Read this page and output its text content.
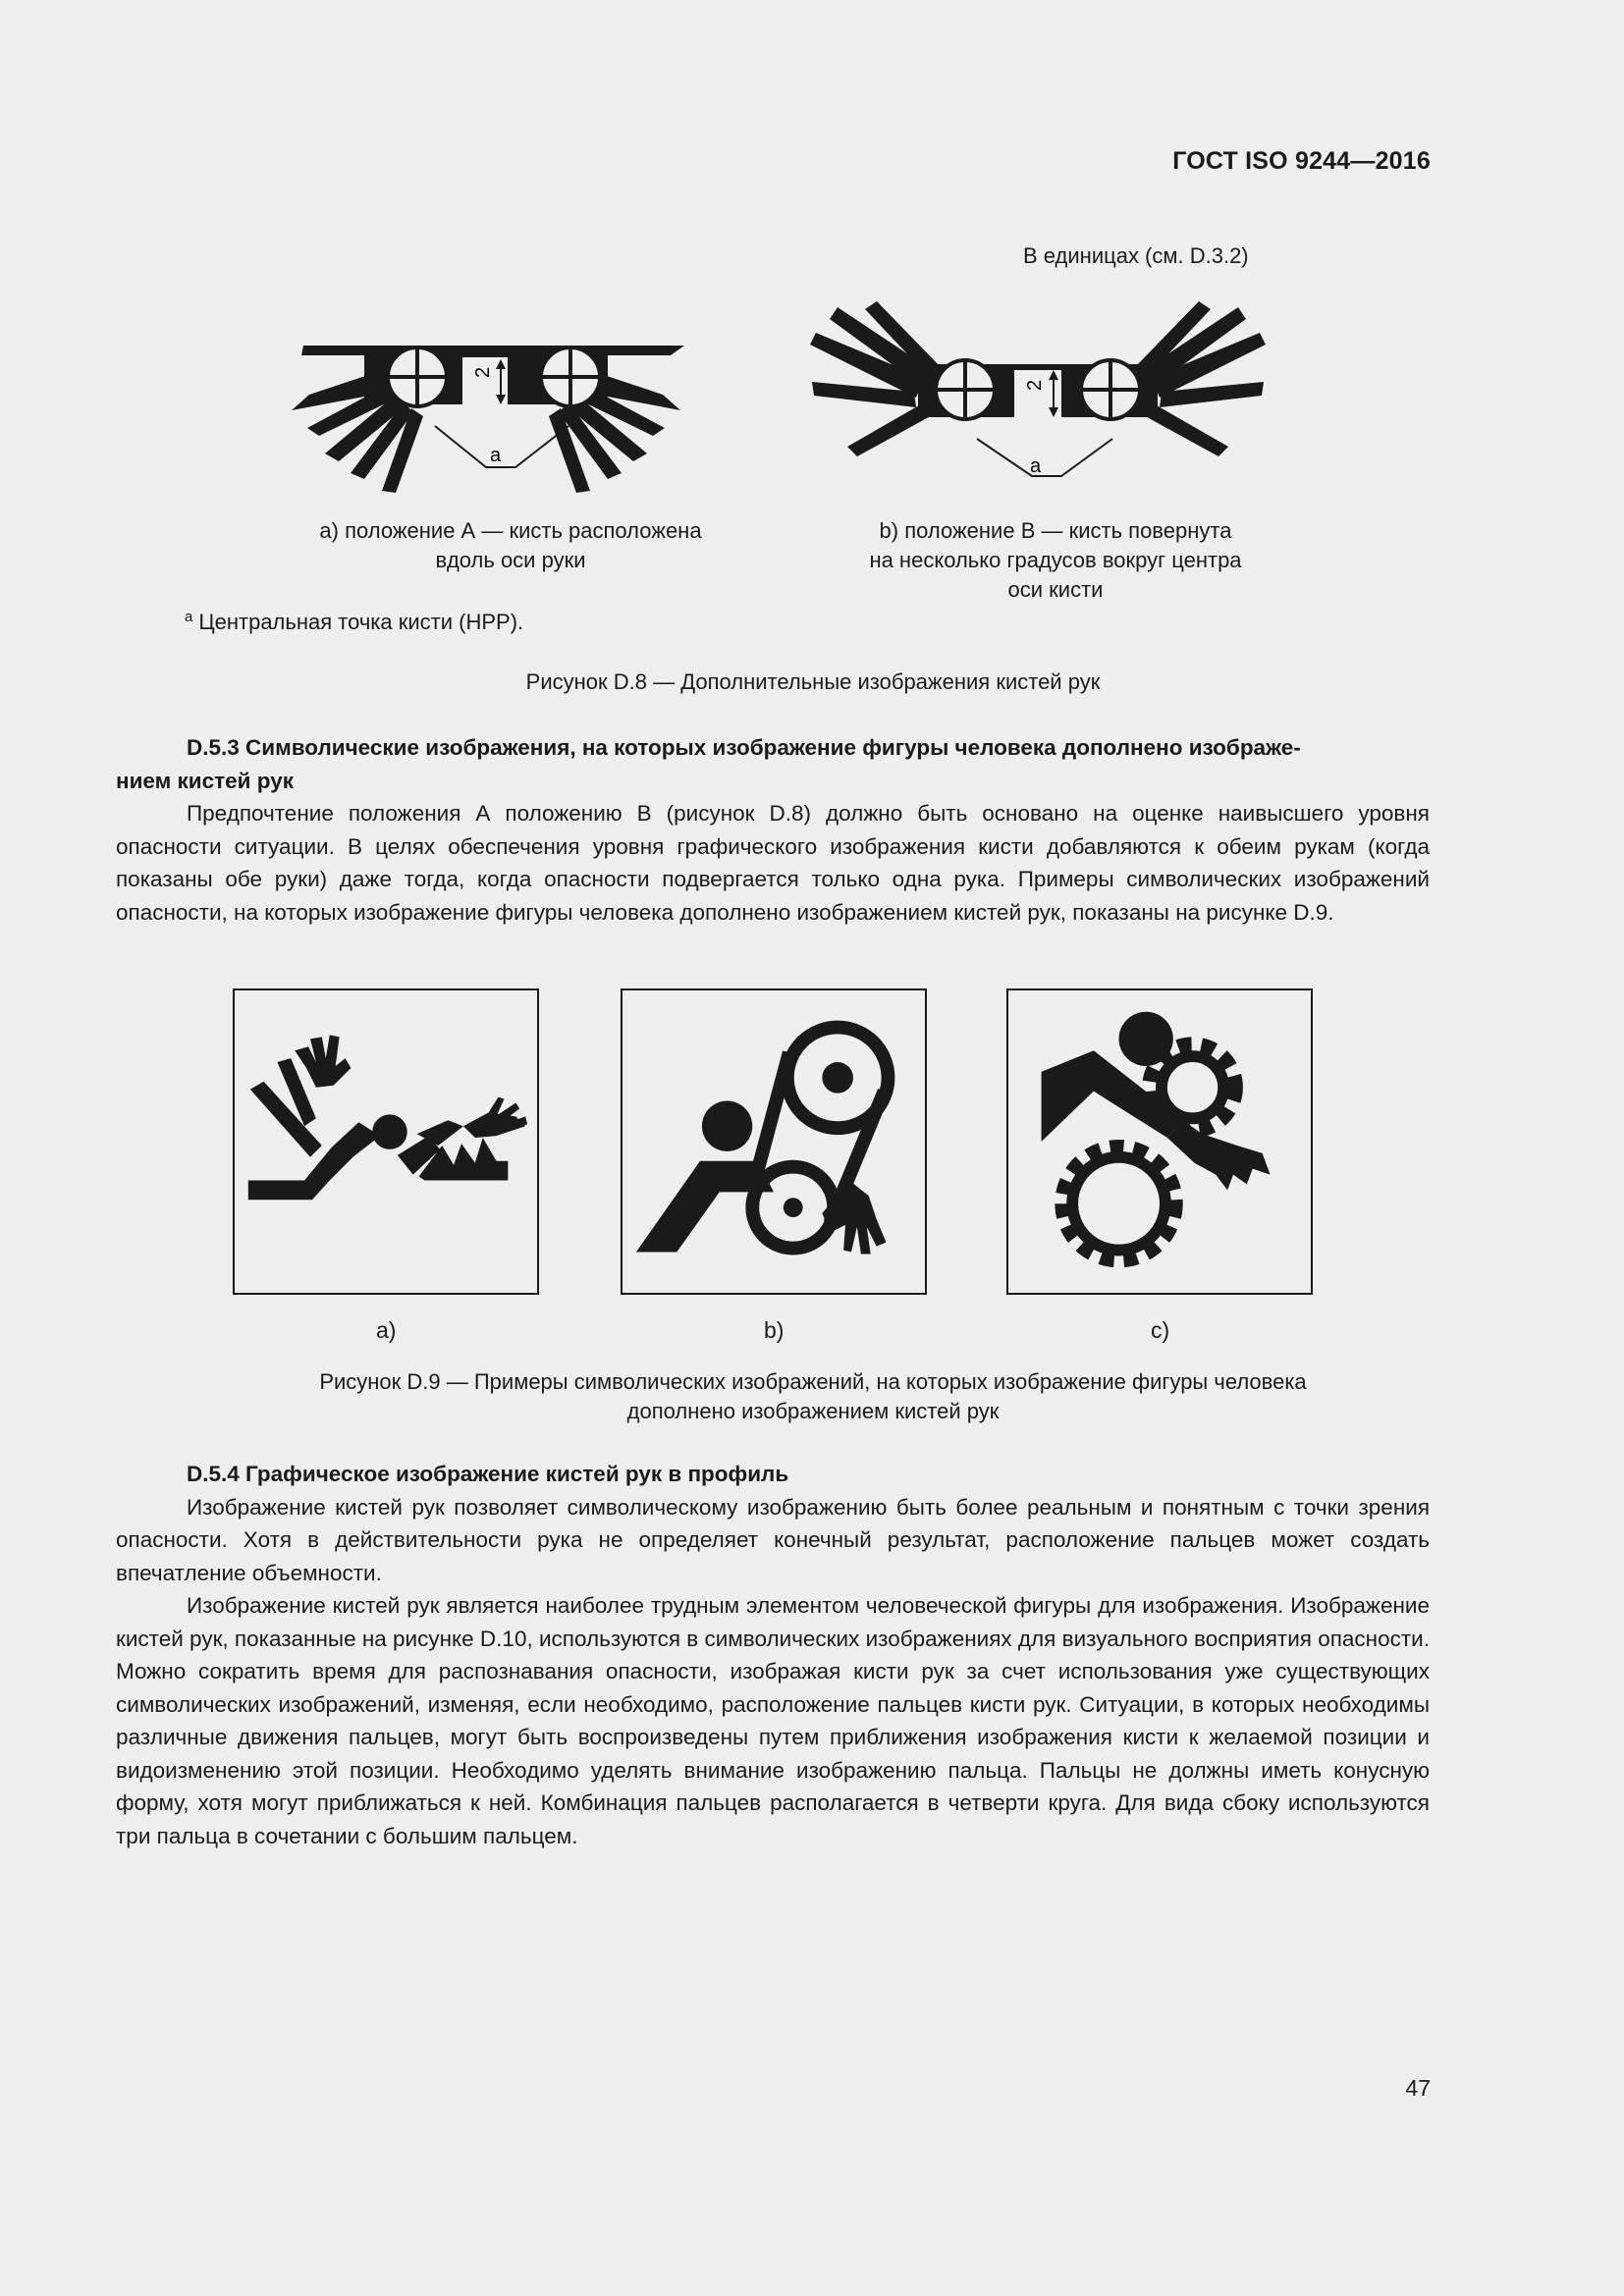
ГОСТ ISO 9244—2016
В единицах (см. D.3.2)
2
a
2
a
a) положение А — кисть расположена
вдоль оси руки
b) положение B — кисть повернута
на несколько градусов вокруг центра
оси кисти
$^a$ Центральная точка кисти (HPP).
Рисунок D.8 — Дополнительные изображения кистей рук

D.5.3 Символические изображения, на которых изображение фигуры человека дополнено изображе-

нием кистей рук

Предпочтение положения А положению В (рисунок D.8) должно быть основано на оценке наивысшего уровня опасности ситуации. В целях обеспечения уровня графического изображения кисти добавляются к обеим рукам (когда показаны обе руки) даже тогда, когда опасности подвергается только одна рука. Примеры символических изображений опасности, на которых изображение фигуры человека дополнено изображением кистей рук, показаны на рисунке D.9.

a)	b)	c)
Рисунок D.9 — Примеры символических изображений, на которых изображение фигуры человека
дополнено изображением кистей рук

D.5.4 Графическое изображение кистей рук в профиль

Изображение кистей рук позволяет символическому изображению быть более реальным и понятным с точки зрения опасности. Хотя в действительности рука не определяет конечный результат, расположение пальцев может создать впечатление объемности.

Изображение кистей рук является наиболее трудным элементом человеческой фигуры для изображения. Изображение кистей рук, показанные на рисунке D.10, используются в символических изображениях для визуального восприятия опасности. Можно сократить время для распознавания опасности, изображая кисти рук за счет использования уже существующих символических изображений, изменяя, если необходимо, расположение пальцев кисти рук. Ситуации, в которых необходимы различные движения пальцев, могут быть воспроизведены путем приближения изображения кисти к желаемой позиции и видоизменению этой позиции. Необходимо уделять внимание изображению пальца. Пальцы не должны иметь конусную форму, хотя могут приближаться к ней. Комбинация пальцев располагается в четверти круга. Для вида сбоку используются три пальца в сочетании с большим пальцем.

47
